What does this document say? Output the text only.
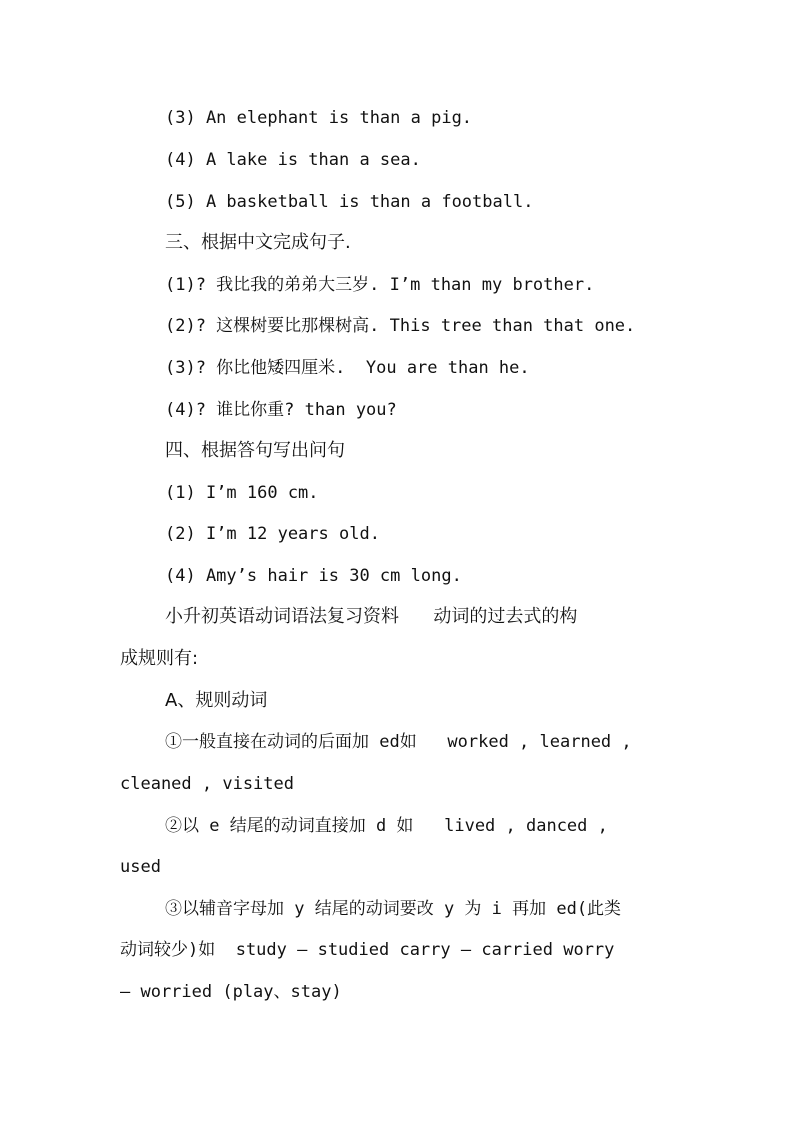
(3) An elephant is than a pig.
(4) A lake is than a sea.
(5) A basketball is than a football.
三、根据中文完成句子.
(1)? 我比我的弟弟大三岁. I’m than my brother.
(2)? 这棵树要比那棵树高. This tree than that one.
(3)? 你比他矮四厘米.  You are than he.
(4)? 谁比你重? than you?
四、根据答句写出问句
(1) I’m 160 cm.
(2) I’m 12 years old.
(4) Amy’s hair is 30 cm long.
小升初英语动词语法复习资料      动词的过去式的构
成规则有:
A、规则动词
①一般直接在动词的后面加 ed如   worked , learned ,
cleaned , visited
②以 e 结尾的动词直接加 d 如   lived , danced ,
used
③以辅音字母加 y 结尾的动词要改 y 为 i 再加 ed(此类
动词较少)如  study – studied carry – carried worry
– worried (play、stay)
